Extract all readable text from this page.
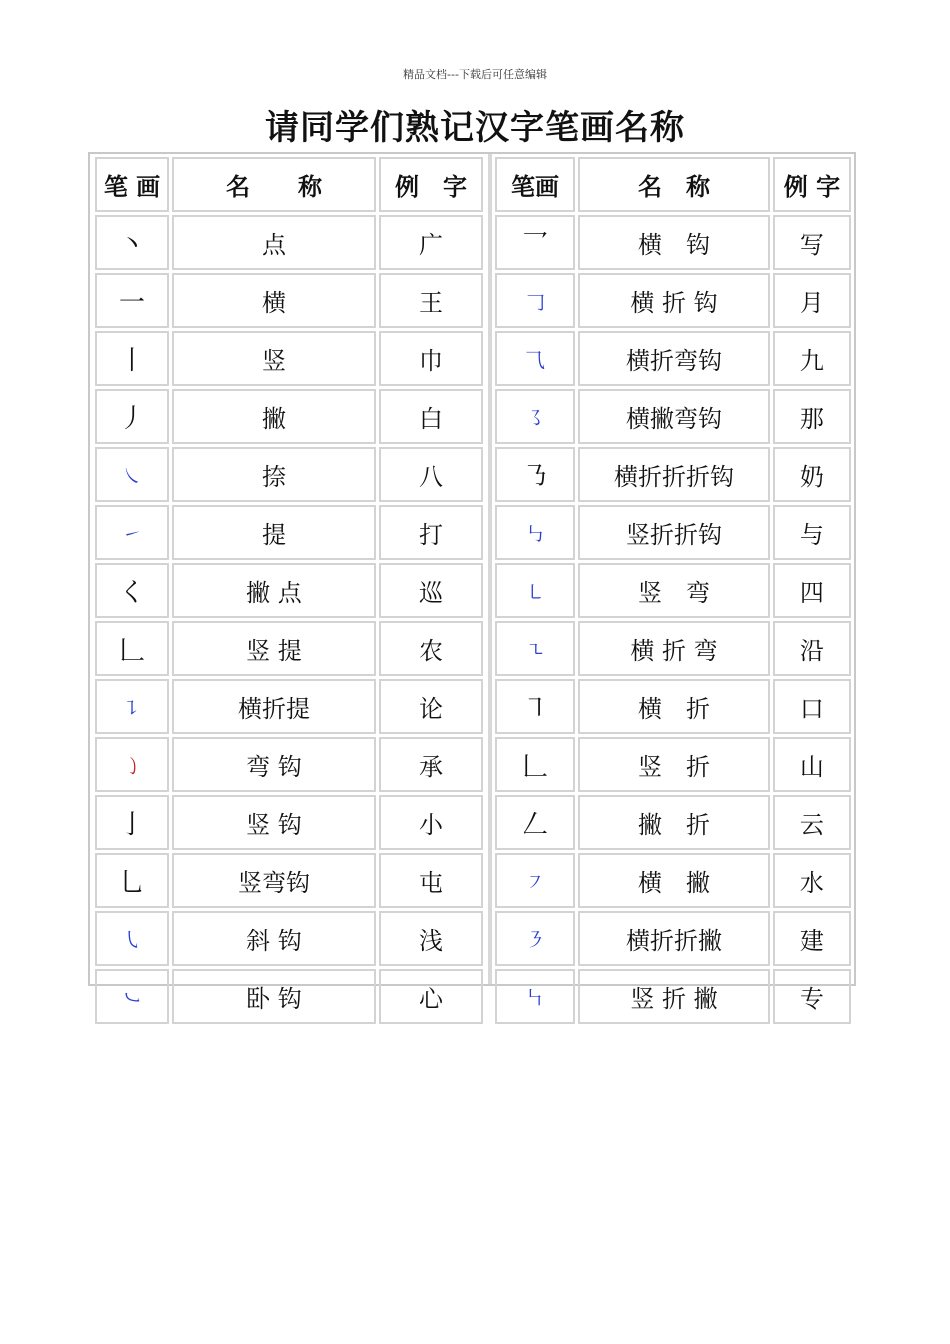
精品文档---下载后可任意编辑
请同学们熟记汉字笔画名称
笔 画	名　　称	例　字
丶	点	广
一	横	王
丨	竖	巾
丿	撇	白
㇏	捺	八
㇀	提	打
く	撇 点	巡
𠃊	竖 提	农
㇊	横折提	论
㇁	弯 钩	承
亅	竖 钩	小
乚	竖弯钩	屯
㇂	斜 钩	浅
㇃	卧 钩	心
笔画	名　称	例 字
乛	横　钩	写
𠃌	横 折 钩	月
⺄	横折弯钩	九
㇌	横撇弯钩	那
㇡	横折折折钩	奶
㇉	竖折折钩	与
㇄	竖　弯	四
㇍	横 折 弯	沿
㇕	横　折	口
𠃊	竖　折	山
𠃋	撇　折	云
㇇	横　撇	水
㇋	横折折撇	建
㇞	竖 折 撇	专
